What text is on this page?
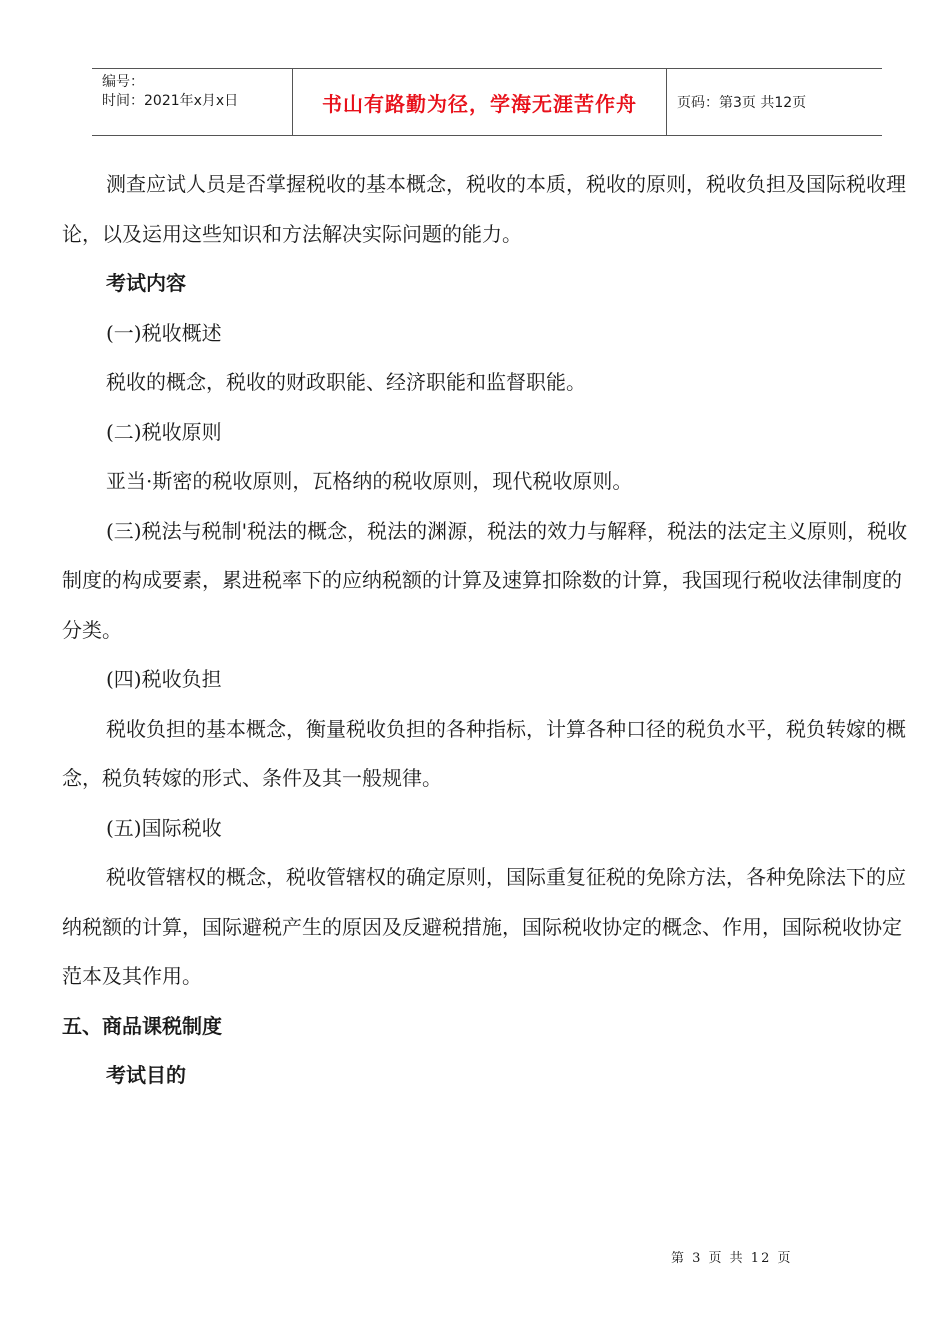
编号：
时间：2021年x月x日	书山有路勤为径，学海无涯苦作舟	页码：第3页 共12页

测查应试人员是否掌握税收的基本概念，税收的本质，税收的原则，税收负担及国际税收理论，以及运用这些知识和方法解决实际问题的能力。

考试内容

(一)税收概述

税收的概念，税收的财政职能、经济职能和监督职能。

(二)税收原则

亚当·斯密的税收原则，瓦格纳的税收原则，现代税收原则。

(三)税法与税制'税法的概念，税法的渊源，税法的效力与解释，税法的法定主义原则，税收制度的构成要素，累进税率下的应纳税额的计算及速算扣除数的计算，我国现行税收法律制度的分类。

(四)税收负担

税收负担的基本概念，衡量税收负担的各种指标，计算各种口径的税负水平，税负转嫁的概念，税负转嫁的形式、条件及其一般规律。

(五)国际税收

税收管辖权的概念，税收管辖权的确定原则，国际重复征税的免除方法，各种免除法下的应纳税额的计算，国际避税产生的原因及反避税措施，国际税收协定的概念、作用，国际税收协定范本及其作用。

五、商品课税制度

考试目的

第 3 页 共 12 页
